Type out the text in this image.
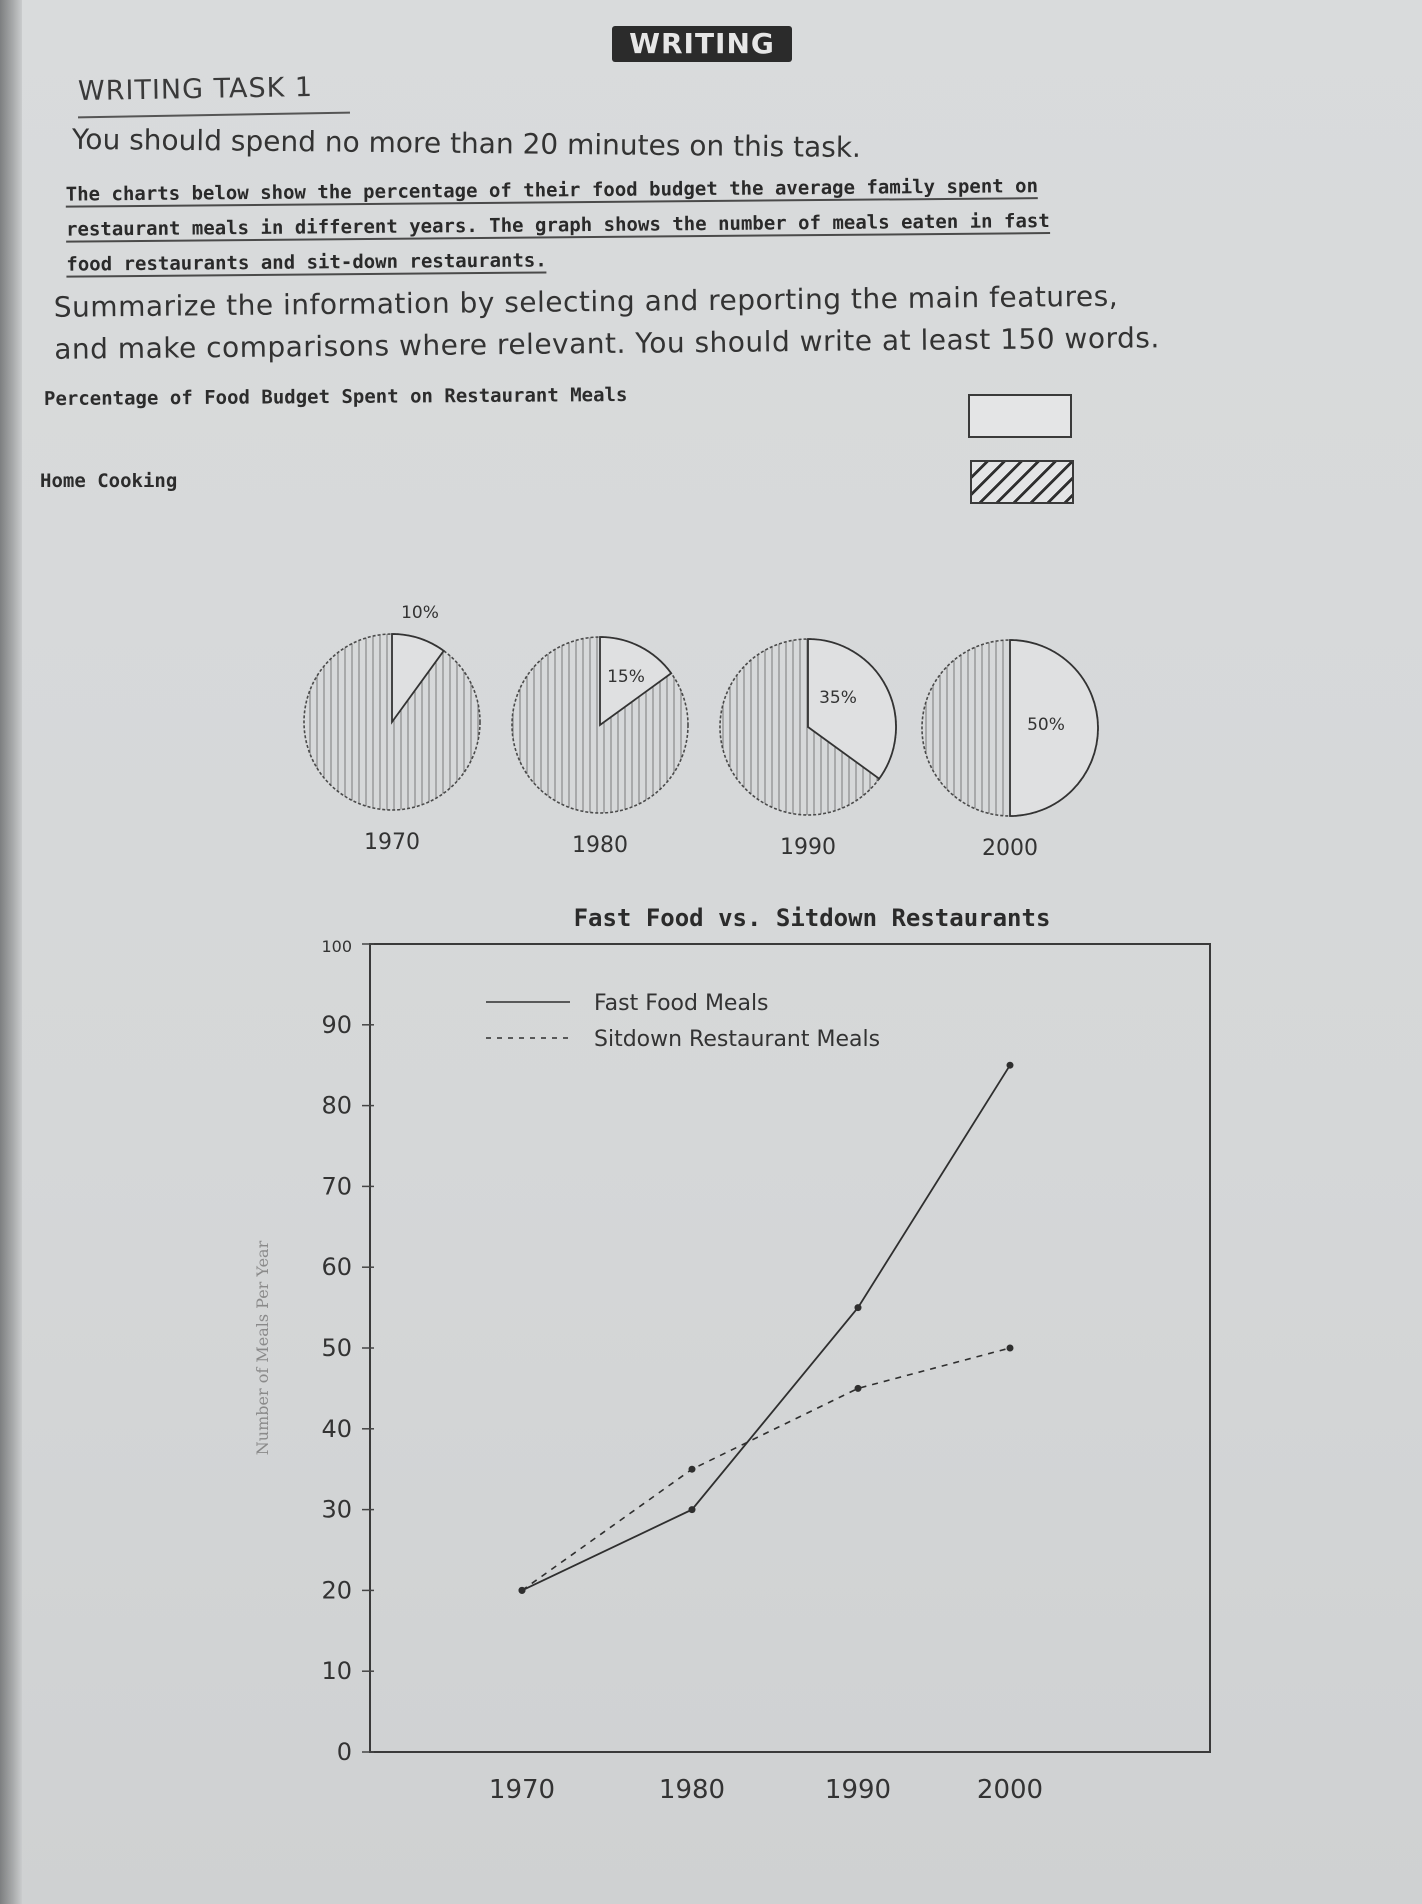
WRITING
WRITING TASK 1
You should spend no more than 20 minutes on this task.
The charts below show the percentage of their food budget the average family spent on
restaurant meals in different years. The graph shows the number of meals eaten in fast
food restaurants and sit-down restaurants.
Summarize the information by selecting and reporting the main features,
and make comparisons where relevant. You should write at least 150 words.
Percentage of Food Budget Spent on Restaurant Meals
Home Cooking
10%
1970
15%
1980
35%
1990
50%
2000
Fast Food vs. Sitdown Restaurants
0
10
20
30
40
50
60
70
80
90
100
Number of Meals Per Year
1970	1980	1990	2000
Fast Food Meals
Sitdown Restaurant Meals
